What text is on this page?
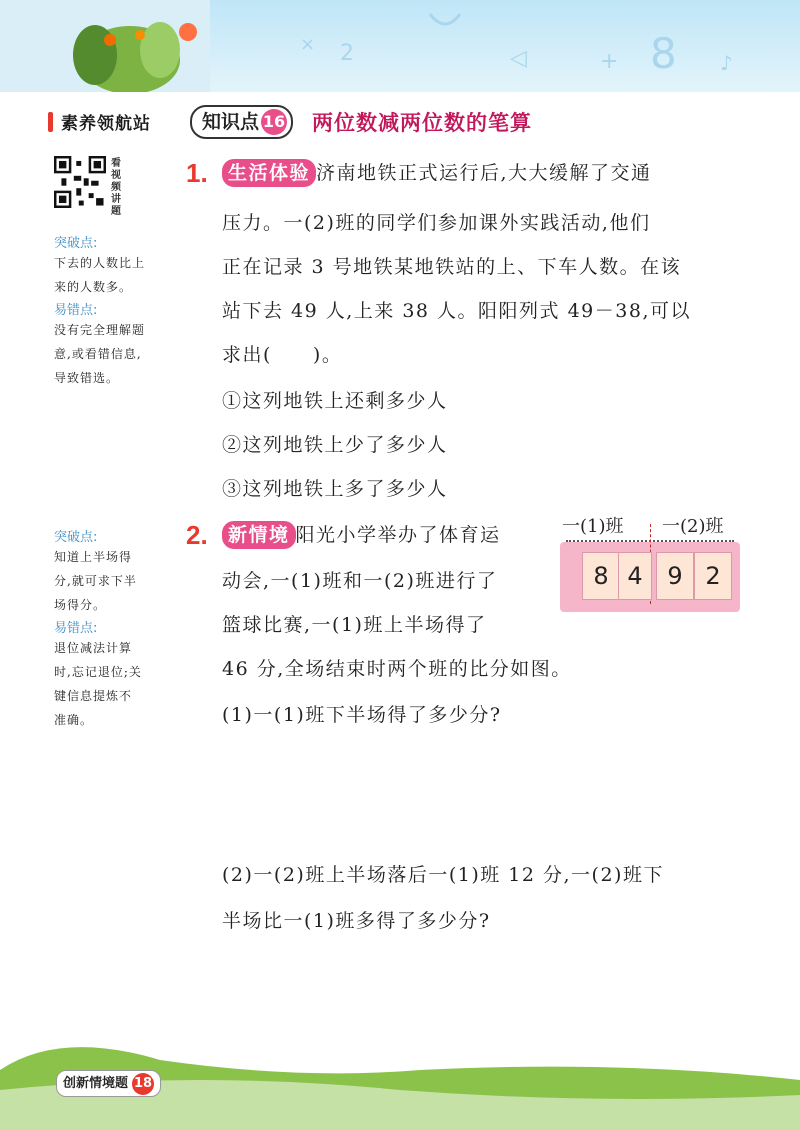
2
×
◁	+ 8 ♪
素养领航站	知识点 16	两位数减两位数的笔算
看视频讲题

突破点:

下去的人数比上

来的人数多。

易错点:

没有完全理解题

意,或看错信息,

导致错选。

突破点:

知道上半场得

分,就可求下半

场得分。

易错点:

退位减法计算

时,忘记退位;关

键信息提炼不

准确。

1.	生活体验 济南地铁正式运行后,大大缓解了交通
压力。一(2)班的同学们参加课外实践活动,他们
正在记录 3 号地铁某地铁站的上、下车人数。在该
站下去 49 人,上来 38 人。阳阳列式 49－38,可以
求出(　　)。
①这列地铁上还剩多少人
②这列地铁上少了多少人
③这列地铁上多了多少人
2.	新情境 阳光小学举办了体育运
动会,一(1)班和一(2)班进行了
篮球比赛,一(1)班上半场得了
46 分,全场结束时两个班的比分如图。
(1)一(1)班下半场得了多少分?
(2)一(2)班上半场落后一(1)班 12 分,一(2)班下
半场比一(1)班多得了多少分?
一(1)班 一(2)班
8 4	9 2
创新情境题 18
